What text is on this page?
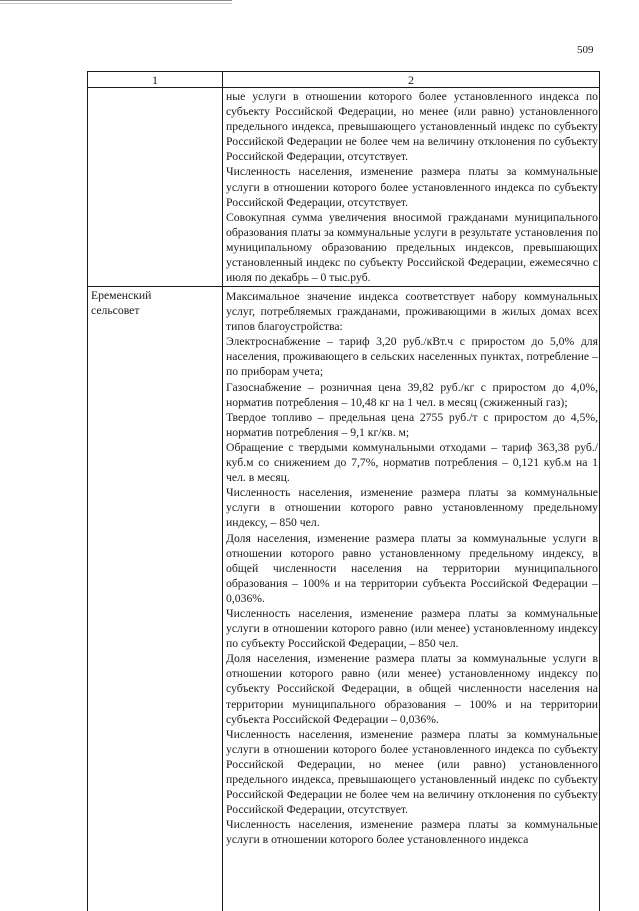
509
1	2

ные услуги в отношении которого более установленного индекса по субъекту Российской Федерации, но менее (или равно) установленного предельного индекса, превышающего установленный индекс по субъекту Российской Федерации не более чем на величину отклонения по субъекту Российской Федерации, отсутствует.

Численность населения, изменение размера платы за коммунальные услуги в отношении которого более установленного индекса по субъекту Российской Федерации, отсутствует.

Совокупная сумма увеличения вносимой гражданами муниципального образования платы за коммунальные услуги в результате установления по муниципальному образованию предельных индексов, превышающих установленный индекс по субъекту Российской Федерации, ежемесячно с июля по декабрь – 0 тыс.руб.

Еременский
сельсовет

Максимальное значение индекса соответствует набору коммунальных услуг, потребляемых гражданами, проживающими в жилых домах всех типов благоустройства:

Электроснабжение – тариф 3,20 руб./кВт.ч с приростом до 5,0% для населения, проживающего в сельских населенных пунктах, потребление – по приборам учета;

Газоснабжение – розничная цена 39,82 руб./кг с приростом до 4,0%, норматив потребления – 10,48 кг на 1 чел. в месяц (сжиженный газ);

Твердое топливо – предельная цена 2755 руб./т с приростом до 4,5%, норматив потребления – 9,1 кг/кв. м;

Обращение с твердыми коммунальными отходами – тариф 363,38 руб./куб.м со снижением до 7,7%, норматив потребления – 0,121 куб.м на 1 чел. в месяц.

Численность населения, изменение размера платы за коммунальные услуги в отношении которого равно установленному предельному индексу, – 850 чел.

Доля населения, изменение размера платы за коммунальные услуги в отношении которого равно установленному предельному индексу, в общей численности населения на территории муниципального образования – 100% и на территории субъекта Российской Федерации – 0,036%.

Численность населения, изменение размера платы за коммунальные услуги в отношении которого равно (или менее) установленному индексу по субъекту Российской Федерации, – 850 чел.

Доля населения, изменение размера платы за коммунальные услуги в отношении которого равно (или менее) установленному индексу по субъекту Российской Федерации, в общей численности населения на территории муниципального образования – 100% и на территории субъекта Российской Федерации – 0,036%.

Численность населения, изменение размера платы за коммунальные услуги в отношении которого более установленного индекса по субъекту Российской Федерации, но менее (или равно) установленного предельного индекса, превышающего установленный индекс по субъекту Российской Федерации не более чем на величину отклонения по субъекту Российской Федерации, отсутствует.

Численность населения, изменение размера платы за коммунальные услуги в отношении которого более установленного индекса
